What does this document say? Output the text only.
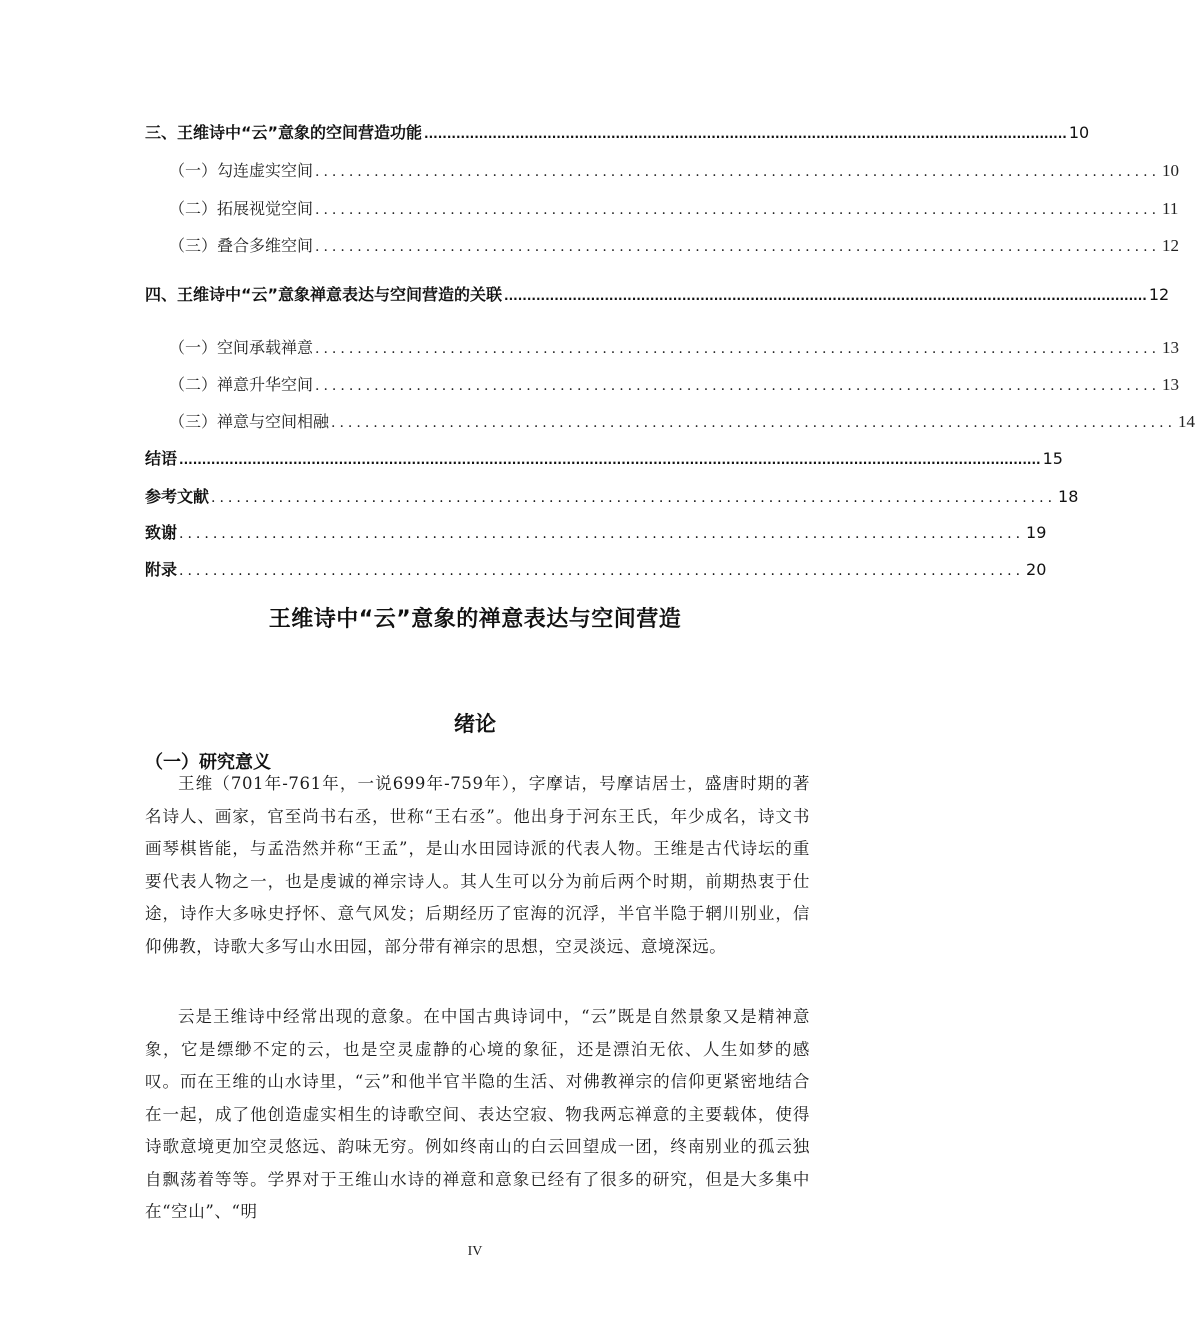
三、王维诗中“云”意象的空间营造功能 ............................................................................................................................................. 10
（一）勾连虚实空间 .................................................................................................... 10
（二）拓展视觉空间 .................................................................................................... 11
（三）叠合多维空间 .................................................................................................... 12
四、王维诗中“云”意象禅意表达与空间营造的关联 ............................................................................................................................................. 12
（一）空间承载禅意 .................................................................................................... 13
（二）禅意升华空间 .................................................................................................... 13
（三）禅意与空间相融 .................................................................................................... 14
结语 ............................................................................................................................................................................................. 15
参考文献 .................................................................................................... 18
致谢 .................................................................................................... 19
附录 .................................................................................................... 20
王维诗中“云”意象的禅意表达与空间营造
绪论
（一）研究意义

王维（701年-761年，一说699年-759年），字摩诘，号摩诘居士，盛唐时期的著名诗人、画家，官至尚书右丞，世称“王右丞”。他出身于河东王氏，年少成名，诗文书画琴棋皆能，与孟浩然并称“王孟”，是山水田园诗派的代表人物。王维是古代诗坛的重要代表人物之一，也是虔诚的禅宗诗人。其人生可以分为前后两个时期，前期热衷于仕途，诗作大多咏史抒怀、意气风发；后期经历了宦海的沉浮，半官半隐于辋川别业，信仰佛教，诗歌大多写山水田园，部分带有禅宗的思想，空灵淡远、意境深远。

云是王维诗中经常出现的意象。在中国古典诗词中，“云”既是自然景象又是精神意象，它是缥缈不定的云，也是空灵虚静的心境的象征，还是漂泊无依、人生如梦的感叹。而在王维的山水诗里，“云”和他半官半隐的生活、对佛教禅宗的信仰更紧密地结合在一起，成了他创造虚实相生的诗歌空间、表达空寂、物我两忘禅意的主要载体，使得诗歌意境更加空灵悠远、韵味无穷。例如终南山的白云回望成一团，终南别业的孤云独自飘荡着等等。学界对于王维山水诗的禅意和意象已经有了很多的研究，但是大多集中在“空山”、“明

IV
